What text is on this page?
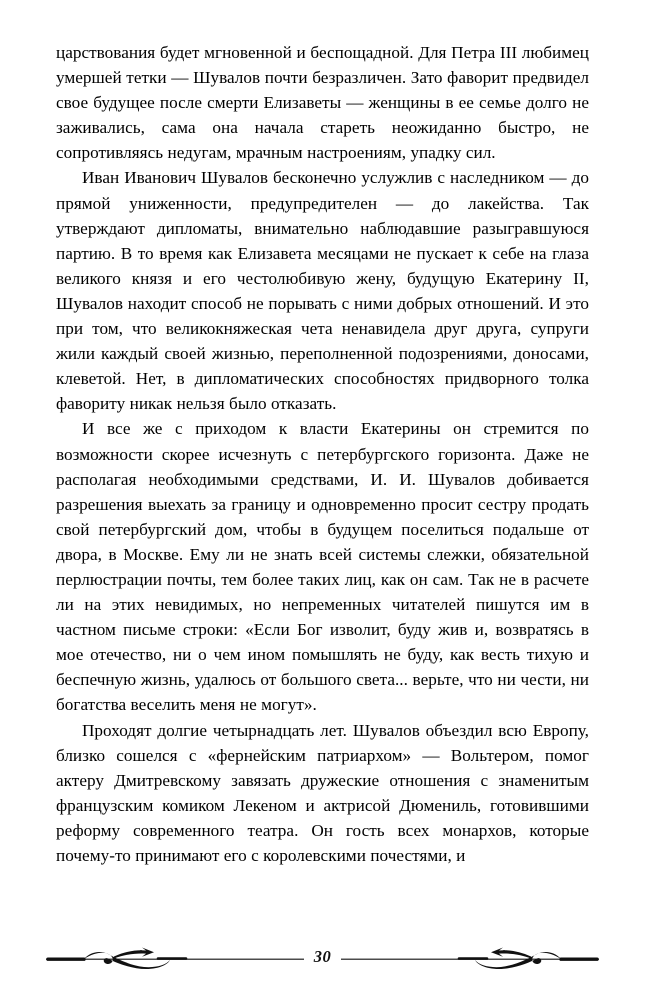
царствования будет мгновенной и беспощадной. Для Петра III любимец умершей тетки — Шувалов почти безразличен. Зато фаворит предвидел свое будущее после смерти Елизаветы — женщины в ее семье долго не заживались, сама она начала стареть неожиданно быстро, не сопротивляясь недугам, мрачным настроениям, упадку сил.

Иван Иванович Шувалов бесконечно услужлив с наследником — до прямой униженности, предупредителен — до лакейства. Так утверждают дипломаты, внимательно наблюдавшие разыгравшуюся партию. В то время как Елизавета месяцами не пускает к себе на глаза великого князя и его честолюбивую жену, будущую Екатерину II, Шувалов находит способ не порывать с ними добрых отношений. И это при том, что великокняжеская чета ненавидела друг друга, супруги жили каждый своей жизнью, переполненной подозрениями, доносами, клеветой. Нет, в дипломатических способностях придворного толка фавориту никак нельзя было отказать.

И все же с приходом к власти Екатерины он стремится по возможности скорее исчезнуть с петербургского горизонта. Даже не располагая необходимыми средствами, И. И. Шувалов добивается разрешения выехать за границу и одновременно просит сестру продать свой петербургский дом, чтобы в будущем поселиться подальше от двора, в Москве. Ему ли не знать всей системы слежки, обязательной перлюстрации почты, тем более таких лиц, как он сам. Так не в расчете ли на этих невидимых, но непременных читателей пишутся им в частном письме строки: «Если Бог изволит, буду жив и, возвратясь в мое отечество, ни о чем ином помышлять не буду, как весть тихую и беспечную жизнь, удалюсь от большого света... верьте, что ни чести, ни богатства веселить меня не могут».

Проходят долгие четырнадцать лет. Шувалов объездил всю Европу, близко сошелся с «фернейским патриархом» — Вольтером, помог актеру Дмитревскому завязать дружеские отношения с знаменитым французским комиком Лекеном и актрисой Дюмениль, готовившими реформу современного театра. Он гость всех монархов, которые почему-то принимают его с королевскими почестями, и

30
